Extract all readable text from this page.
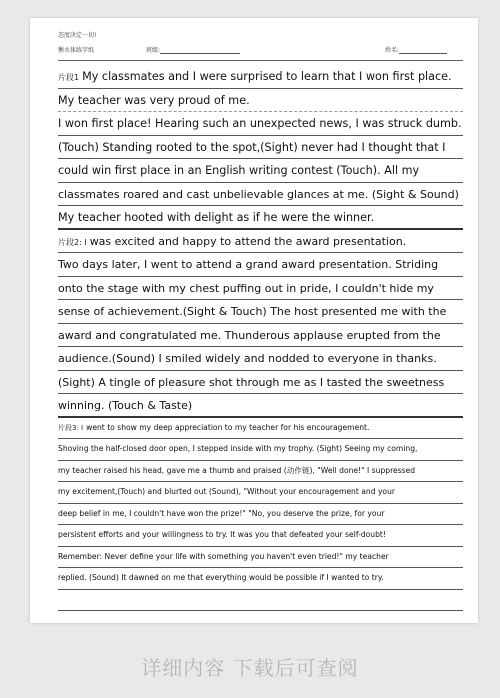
态度决定一切!
衡水体练字纸	班级:	姓名:
片段1 My classmates and I were surprised to learn that I won first place.
My teacher was very proud of me.
I won first place! Hearing such an unexpected news, I was struck dumb.
(Touch) Standing rooted to the spot,(Sight) never had I thought that I
could win first place in an English writing contest (Touch). All my
classmates roared and cast unbelievable glances at me. (Sight & Sound)
My teacher hooted with delight as if he were the winner.
片段2: I was excited and happy to attend the award presentation.
Two days later, I went to attend a grand award presentation. Striding
onto the stage with my chest puffing out in pride, I couldn't hide my
sense of achievement.(Sight & Touch) The host presented me with the
award and congratulated me. Thunderous applause erupted from the
audience.(Sound) I smiled widely and nodded to everyone in thanks.
(Sight) A tingle of pleasure shot through me as I tasted the sweetness
winning. (Touch & Taste)
片段3: I went to show my deep appreciation to my teacher for his encouragement.
Shoving the half-closed door open, I stepped inside with my trophy. (Sight) Seeing my coming,
my teacher raised his head, gave me a thumb and praised (动作链), "Well done!" I suppressed
my excitement,(Touch) and blurted out (Sound), "Without your encouragement and your
deep belief in me, I couldn't have won the prize!" "No, you deserve the prize, for your
persistent efforts and your willingness to try. It was you that defeated your self-doubt!
Remember: Never define your life with something you haven't even tried!" my teacher
replied. (Sound) It dawned on me that everything would be possible if I wanted to try.
详细内容 下载后可查阅
